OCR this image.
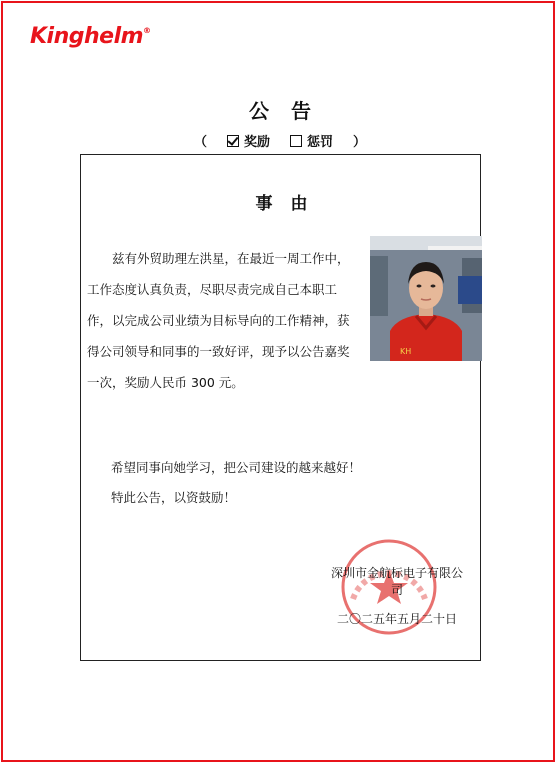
Kinghelm®
公告
（	奖励	惩罚 ）
事由

兹有外贸助理左洪星，在最近一周工作中，
工作态度认真负责，尽职尽责完成自己本职工
作，以完成公司业绩为目标导向的工作精神，获
得公司领导和同事的一致好评，现予以公告嘉奖
一次，奖励人民币 300 元。

KH

希望同事向她学习，把公司建设的越来越好！
特此公告，以资鼓励！

深圳市金航标电子有限公司
二〇二五年五月二十日
